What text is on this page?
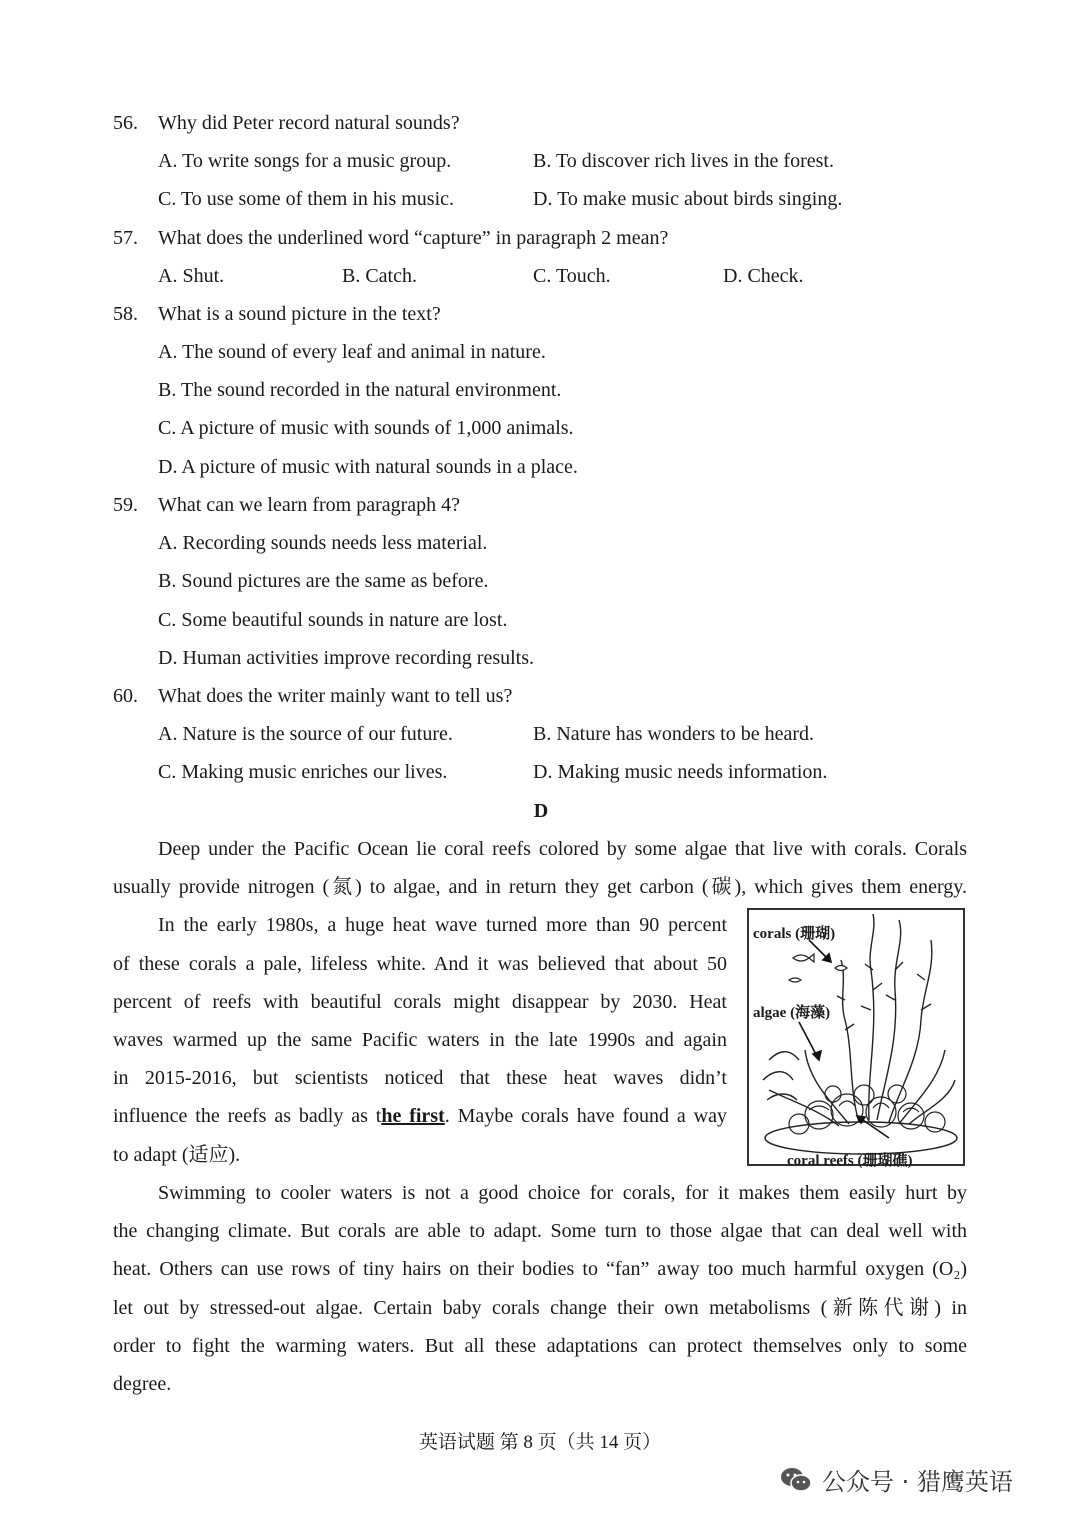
56. Why did Peter record natural sounds?
A. To write songs for a music group.	B. To discover rich lives in the forest.
C. To use some of them in his music.	D. To make music about birds singing.
57. What does the underlined word “capture” in paragraph 2 mean?
A. Shut.	B. Catch.	C. Touch.	D. Check.
58. What is a sound picture in the text?
A. The sound of every leaf and animal in nature.
B. The sound recorded in the natural environment.
C. A picture of music with sounds of 1,000 animals.
D. A picture of music with natural sounds in a place.
59. What can we learn from paragraph 4?
A. Recording sounds needs less material.
B. Sound pictures are the same as before.
C. Some beautiful sounds in nature are lost.
D. Human activities improve recording results.
60. What does the writer mainly want to tell us?
A. Nature is the source of our future.	B. Nature has wonders to be heard.
C. Making music enriches our lives.	D. Making music needs information.
D
Deep under the Pacific Ocean lie coral reefs colored by some algae that live with corals. Corals
usually provide nitrogen (氮) to algae, and in return they get carbon (碳), which gives them energy.
In the early 1980s, a huge heat wave turned more than 90 percent
of these corals a pale, lifeless white. And it was believed that about 50
percent of reefs with beautiful corals might disappear by 2030. Heat
waves warmed up the same Pacific waters in the late 1990s and again
in 2015-2016, but scientists noticed that these heat waves didn’t
influence the reefs as badly as the first. Maybe corals have found a way
to adapt (适应).
corals (珊瑚)
algae (海藻)
coral reefs (珊瑚礁)
Swimming to cooler waters is not a good choice for corals, for it makes them easily hurt by
the changing climate. But corals are able to adapt. Some turn to those algae that can deal well with
heat. Others can use rows of tiny hairs on their bodies to “fan” away too much harmful oxygen (O₂)
let out by stressed-out algae. Certain baby corals change their own metabolisms (新陈代谢) in
order to fight the warming waters. But all these adaptations can protect themselves only to some
degree.
英语试题 第 8 页（共 14 页）
公众号 · 猎鹰英语
